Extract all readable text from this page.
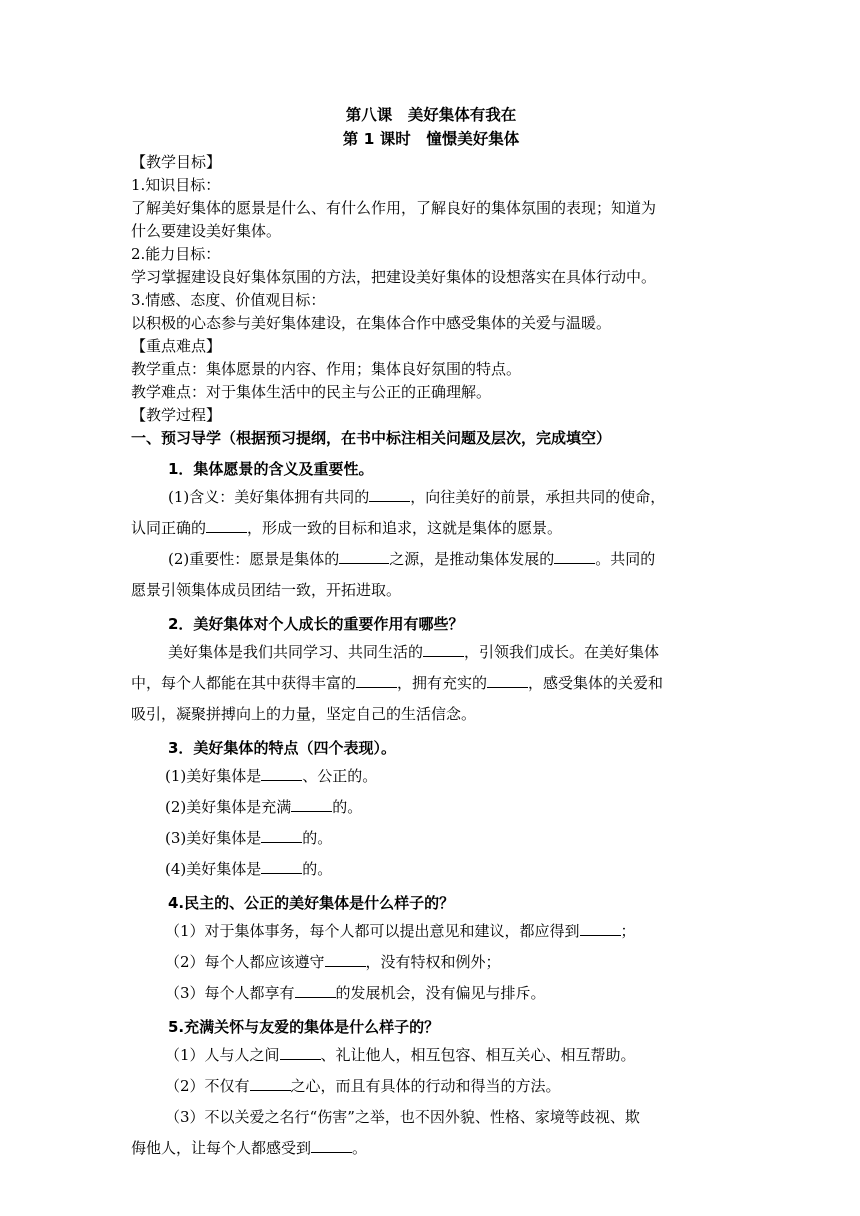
第八课　美好集体有我在
第 1 课时　憧憬美好集体
【教学目标】
1.知识目标：
了解美好集体的愿景是什么、有什么作用，了解良好的集体氛围的表现；知道为
什么要建设美好集体。
2.能力目标：
学习掌握建设良好集体氛围的方法，把建设美好集体的设想落实在具体行动中。
3.情感、态度、价值观目标：
以积极的心态参与美好集体建设，在集体合作中感受集体的关爱与温暖。
【重点难点】
教学重点：集体愿景的内容、作用；集体良好氛围的特点。
教学难点：对于集体生活中的民主与公正的正确理解。
【教学过程】
一、预习导学（根据预习提纲，在书中标注相关问题及层次，完成填空）
1．集体愿景的含义及重要性。
(1)含义：美好集体拥有共同的	，向往美好的前景，承担共同的使命，
认同正确的	，形成一致的目标和追求，这就是集体的愿景。
(2)重要性：愿景是集体的	之源，是推动集体发展的	。共同的
愿景引领集体成员团结一致，开拓进取。
2．美好集体对个人成长的重要作用有哪些？
美好集体是我们共同学习、共同生活的	，引领我们成长。在美好集体
中，每个人都能在其中获得丰富的	，拥有充实的	，感受集体的关爱和
吸引，凝聚拼搏向上的力量，坚定自己的生活信念。
3．美好集体的特点（四个表现）。
(1)美好集体是	、公正的。
(2)美好集体是充满	的。
(3)美好集体是	的。
(4)美好集体是	的。
4.民主的、公正的美好集体是什么样子的？
（1）对于集体事务，每个人都可以提出意见和建议，都应得到	；
（2）每个人都应该遵守	，没有特权和例外；
（3）每个人都享有	的发展机会，没有偏见与排斥。
5.充满关怀与友爱的集体是什么样子的？
（1）人与人之间	、礼让他人，相互包容、相互关心、相互帮助。
（2）不仅有	之心，而且有具体的行动和得当的方法。
（3）不以关爱之名行“伤害”之举，也不因外貌、性格、家境等歧视、欺
侮他人，让每个人都感受到	。
